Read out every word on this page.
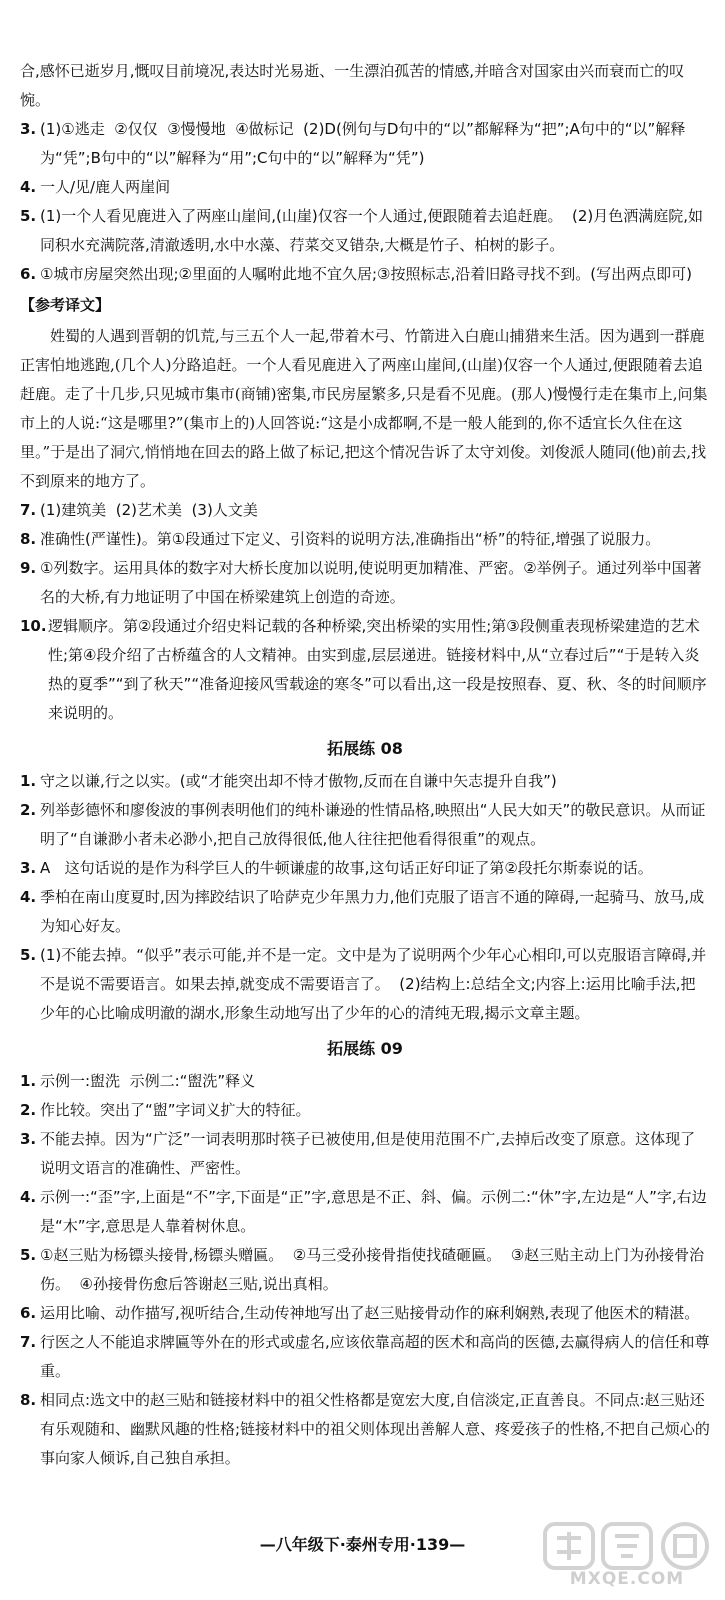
合,感怀已逝岁月,慨叹目前境况,表达时光易逝、一生漂泊孤苦的情感,并暗含对国家由兴而衰而亡的叹惋。

3. (1)①逃走  ②仅仅  ③慢慢地  ④做标记  (2)D(例句与D句中的“以”都解释为“把”;A句中的“以”解释为“凭”;B句中的“以”解释为“用”;C句中的“以”解释为“凭”)

4. 一人/见/鹿人两崖间

5. (1)一个人看见鹿进入了两座山崖间,(山崖)仅容一个人通过,便跟随着去追赶鹿。  (2)月色洒满庭院,如同积水充满院落,清澈透明,水中水藻、荇菜交叉错杂,大概是竹子、柏树的影子。

6. ①城市房屋突然出现;②里面的人嘱咐此地不宜久居;③按照标志,沿着旧路寻找不到。(写出两点即可)

【参考译文】

姓蜀的人遇到晋朝的饥荒,与三五个人一起,带着木弓、竹箭进入白鹿山捕猎来生活。因为遇到一群鹿正害怕地逃跑,(几个人)分路追赶。一个人看见鹿进入了两座山崖间,(山崖)仅容一个人通过,便跟随着去追赶鹿。走了十几步,只见城市集市(商铺)密集,市民房屋繁多,只是看不见鹿。(那人)慢慢行走在集市上,问集市上的人说:“这是哪里?”(集市上的)人回答说:“这是小成都啊,不是一般人能到的,你不适宜长久住在这里。”于是出了洞穴,悄悄地在回去的路上做了标记,把这个情况告诉了太守刘俊。刘俊派人随同(他)前去,找不到原来的地方了。

7. (1)建筑美  (2)艺术美  (3)人文美

8. 准确性(严谨性)。第①段通过下定义、引资料的说明方法,准确指出“桥”的特征,增强了说服力。

9. ①列数字。运用具体的数字对大桥长度加以说明,使说明更加精准、严密。②举例子。通过列举中国著名的大桥,有力地证明了中国在桥梁建筑上创造的奇迹。

10. 逻辑顺序。第②段通过介绍史料记载的各种桥梁,突出桥梁的实用性;第③段侧重表现桥梁建造的艺术性;第④段介绍了古桥蕴含的人文精神。由实到虚,层层递进。链接材料中,从“立春过后”“于是转入炎热的夏季”“到了秋天”“准备迎接风雪载途的寒冬”可以看出,这一段是按照春、夏、秋、冬的时间顺序来说明的。

拓展练 08
1. 守之以谦,行之以实。(或“才能突出却不恃才傲物,反而在自谦中矢志提升自我”)

2. 列举彭德怀和廖俊波的事例表明他们的纯朴谦逊的性情品格,映照出“人民大如天”的敬民意识。从而证明了“自谦渺小者未必渺小,把自己放得很低,他人往往把他看得很重”的观点。

3. A   这句话说的是作为科学巨人的牛顿谦虚的故事,这句话正好印证了第②段托尔斯泰说的话。

4. 季柏在南山度夏时,因为摔跤结识了哈萨克少年黑力力,他们克服了语言不通的障碍,一起骑马、放马,成为知心好友。

5. (1)不能去掉。“似乎”表示可能,并不是一定。文中是为了说明两个少年心心相印,可以克服语言障碍,并不是说不需要语言。如果去掉,就变成不需要语言了。  (2)结构上:总结全文;内容上:运用比喻手法,把少年的心比喻成明澈的湖水,形象生动地写出了少年的心的清纯无瑕,揭示文章主题。

拓展练 09
1. 示例一:盥洗  示例二:“盥洗”释义

2. 作比较。突出了“盥”字词义扩大的特征。

3. 不能去掉。因为“广泛”一词表明那时筷子已被使用,但是使用范围不广,去掉后改变了原意。这体现了说明文语言的准确性、严密性。

4. 示例一:“歪”字,上面是“不”字,下面是“正”字,意思是不正、斜、偏。示例二:“休”字,左边是“人”字,右边是“木”字,意思是人靠着树休息。

5. ①赵三贴为杨镖头接骨,杨镖头赠匾。  ②马三受孙接骨指使找碴砸匾。  ③赵三贴主动上门为孙接骨治伤。  ④孙接骨伤愈后答谢赵三贴,说出真相。

6. 运用比喻、动作描写,视听结合,生动传神地写出了赵三贴接骨动作的麻利娴熟,表现了他医术的精湛。

7. 行医之人不能追求牌匾等外在的形式或虚名,应该依靠高超的医术和高尚的医德,去赢得病人的信任和尊重。

8. 相同点:选文中的赵三贴和链接材料中的祖父性格都是宽宏大度,自信淡定,正直善良。不同点:赵三贴还有乐观随和、幽默风趣的性格;链接材料中的祖父则体现出善解人意、疼爱孩子的性格,不把自己烦心的事向家人倾诉,自己独自承担。

—八年级下·泰州专用·139—
MXQE.COM
